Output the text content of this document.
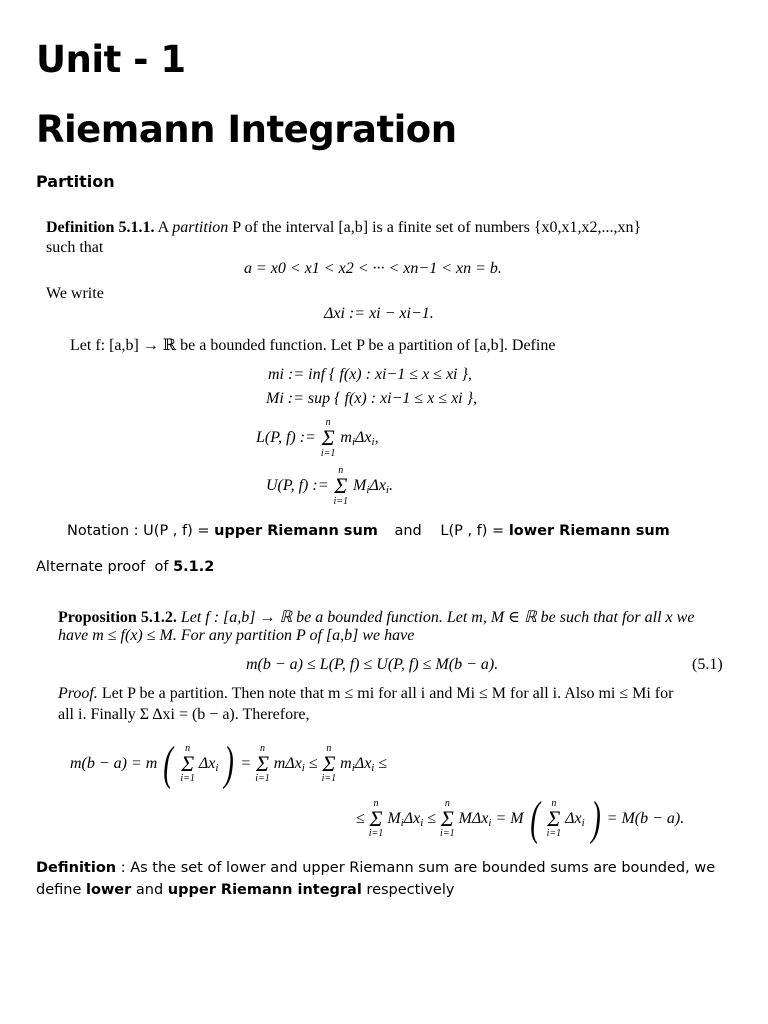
Unit - 1
Riemann Integration
Partition
Definition 5.1.1. A partition P of the interval [a,b] is a finite set of numbers {x0,x1,x2,...,xn}
such that
a = x0 < x1 < x2 < ··· < xn−1 < xn = b.
We write
Δxi := xi − xi−1.
Let f: [a,b] → ℝ be a bounded function. Let P be a partition of [a,b]. Define
mi := inf { f(x) : xi−1 ≤ x ≤ xi },
Mi := sup { f(x) : xi−1 ≤ x ≤ xi },
L(P, f) :=
n
Σ
i=1
$m_i\Delta x_i$,
U(P, f) :=
n
Σ
i=1
$M_i\Delta x_i$.
Notation : U(P , f) = upper Riemann sum and L(P , f) = lower Riemann sum
Alternate proof  of 5.1.2
Proposition 5.1.2. Let f : [a,b] → ℝ be a bounded function. Let m, M ∈ ℝ be such that for all x we
have m ≤ f(x) ≤ M. For any partition P of [a,b] we have
m(b − a) ≤ L(P, f) ≤ U(P, f) ≤ M(b − a).	(5.1)
Proof. Let P be a partition. Then note that m ≤ mi for all i and Mi ≤ M for all i. Also mi ≤ Mi for
all i. Finally Σ Δxi = (b − a). Therefore,
m(b − a) = m ( n
Σ
i=1
$\Delta x_i$ ) =
n
Σ
i=1
mΔx$_i$ ≤
n
Σ
i=1
$m_i\Delta x_i$ ≤
≤
n
Σ
i=1
$M_i\Delta x_i$ ≤
n
Σ
i=1
MΔx$_i$ = M ( n
Σ
i=1
$\Delta x_i$ ) = M(b − a).
Definition : As the set of lower and upper Riemann sum are bounded sums are bounded, we
define lower and upper Riemann integral respectively
